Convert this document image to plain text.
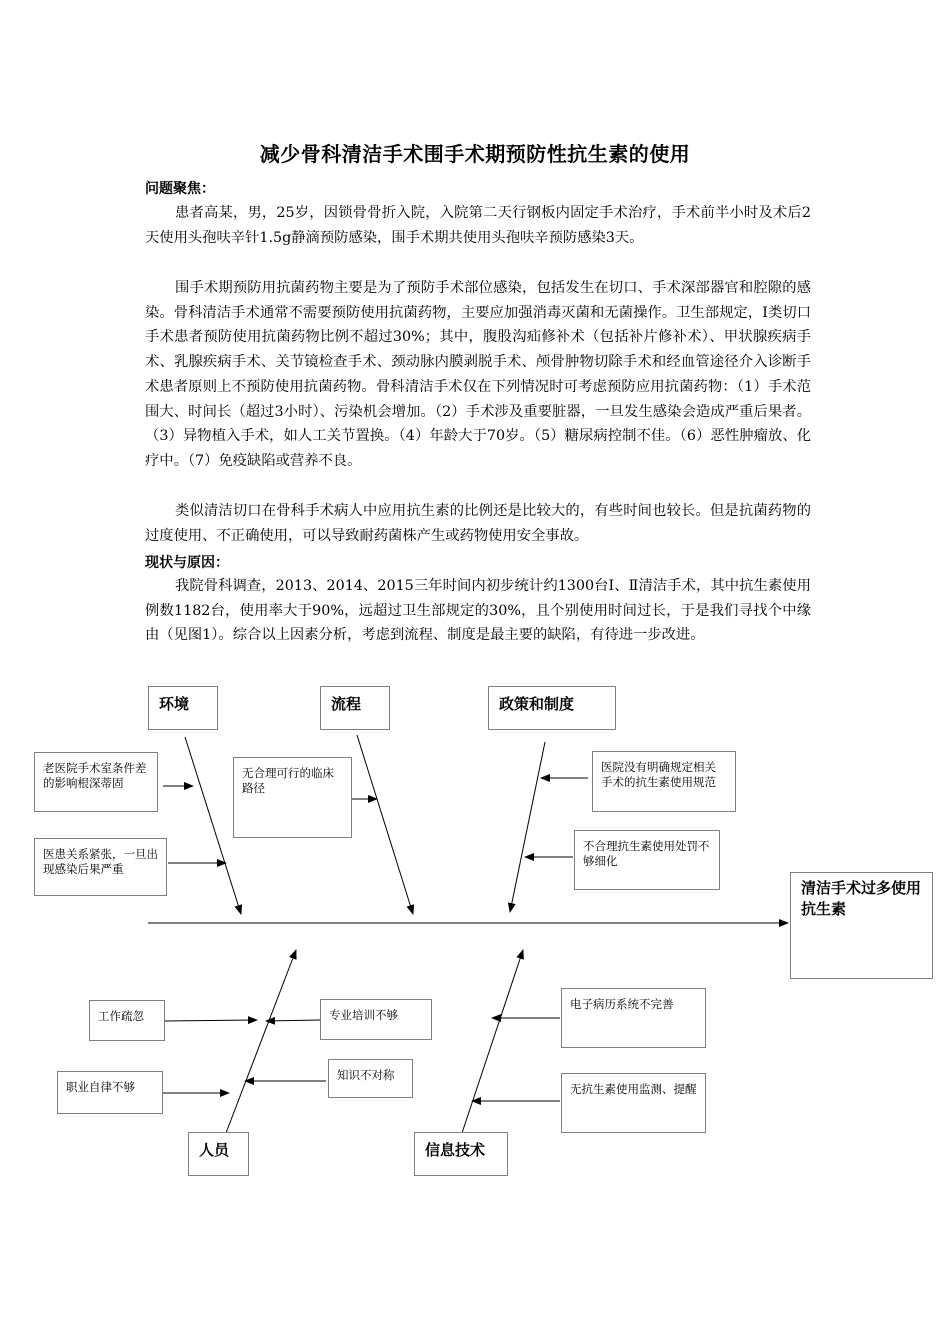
减少骨科清洁手术围手术期预防性抗生素的使用
问题聚焦：

患者高某，男，25岁，因锁骨骨折入院，入院第二天行钢板内固定手术治疗，手术前半小时及术后2天使用头孢呋辛针1.5g静滴预防感染，围手术期共使用头孢呋辛预防感染3天。

围手术期预防用抗菌药物主要是为了预防手术部位感染，包括发生在切口、手术深部器官和腔隙的感染。骨科清洁手术通常不需要预防使用抗菌药物，主要应加强消毒灭菌和无菌操作。卫生部规定，I类切口手术患者预防使用抗菌药物比例不超过30%；其中，腹股沟疝修补术（包括补片修补术）、甲状腺疾病手术、乳腺疾病手术、关节镜检查手术、颈动脉内膜剥脱手术、颅骨肿物切除手术和经血管途径介入诊断手术患者原则上不预防使用抗菌药物。骨科清洁手术仅在下列情况时可考虑预防应用抗菌药物：（1）手术范围大、时间长（超过3小时）、污染机会增加。（2）手术涉及重要脏器，一旦发生感染会造成严重后果者。（3）异物植入手术，如人工关节置换。（4）年龄大于70岁。（5）糖尿病控制不佳。（6）恶性肿瘤放、化疗中。（7）免疫缺陷或营养不良。

类似清洁切口在骨科手术病人中应用抗生素的比例还是比较大的，有些时间也较长。但是抗菌药物的过度使用、不正确使用，可以导致耐药菌株产生或药物使用安全事故。

现状与原因：

我院骨科调查，2013、2014、2015三年时间内初步统计约1300台Ⅰ、Ⅱ清洁手术，其中抗生素使用例数1182台，使用率大于90%，远超过卫生部规定的30%，且个别使用时间过长，于是我们寻找个中缘由（见图1）。综合以上因素分析，考虑到流程、制度是最主要的缺陷，有待进一步改进。

环境	流程	政策和制度
人员	信息技术
老医院手术室条件差的影响根深蒂固
医患关系紧张，一旦出现感染后果严重
无合理可行的临床路径
医院没有明确规定相关手术的抗生素使用规范
不合理抗生素使用处罚不够细化
工作疏忽	专业培训不够
职业自律不够
知识不对称
电子病历系统不完善
无抗生素使用监测、提醒
清洁手术过多使用抗生素
